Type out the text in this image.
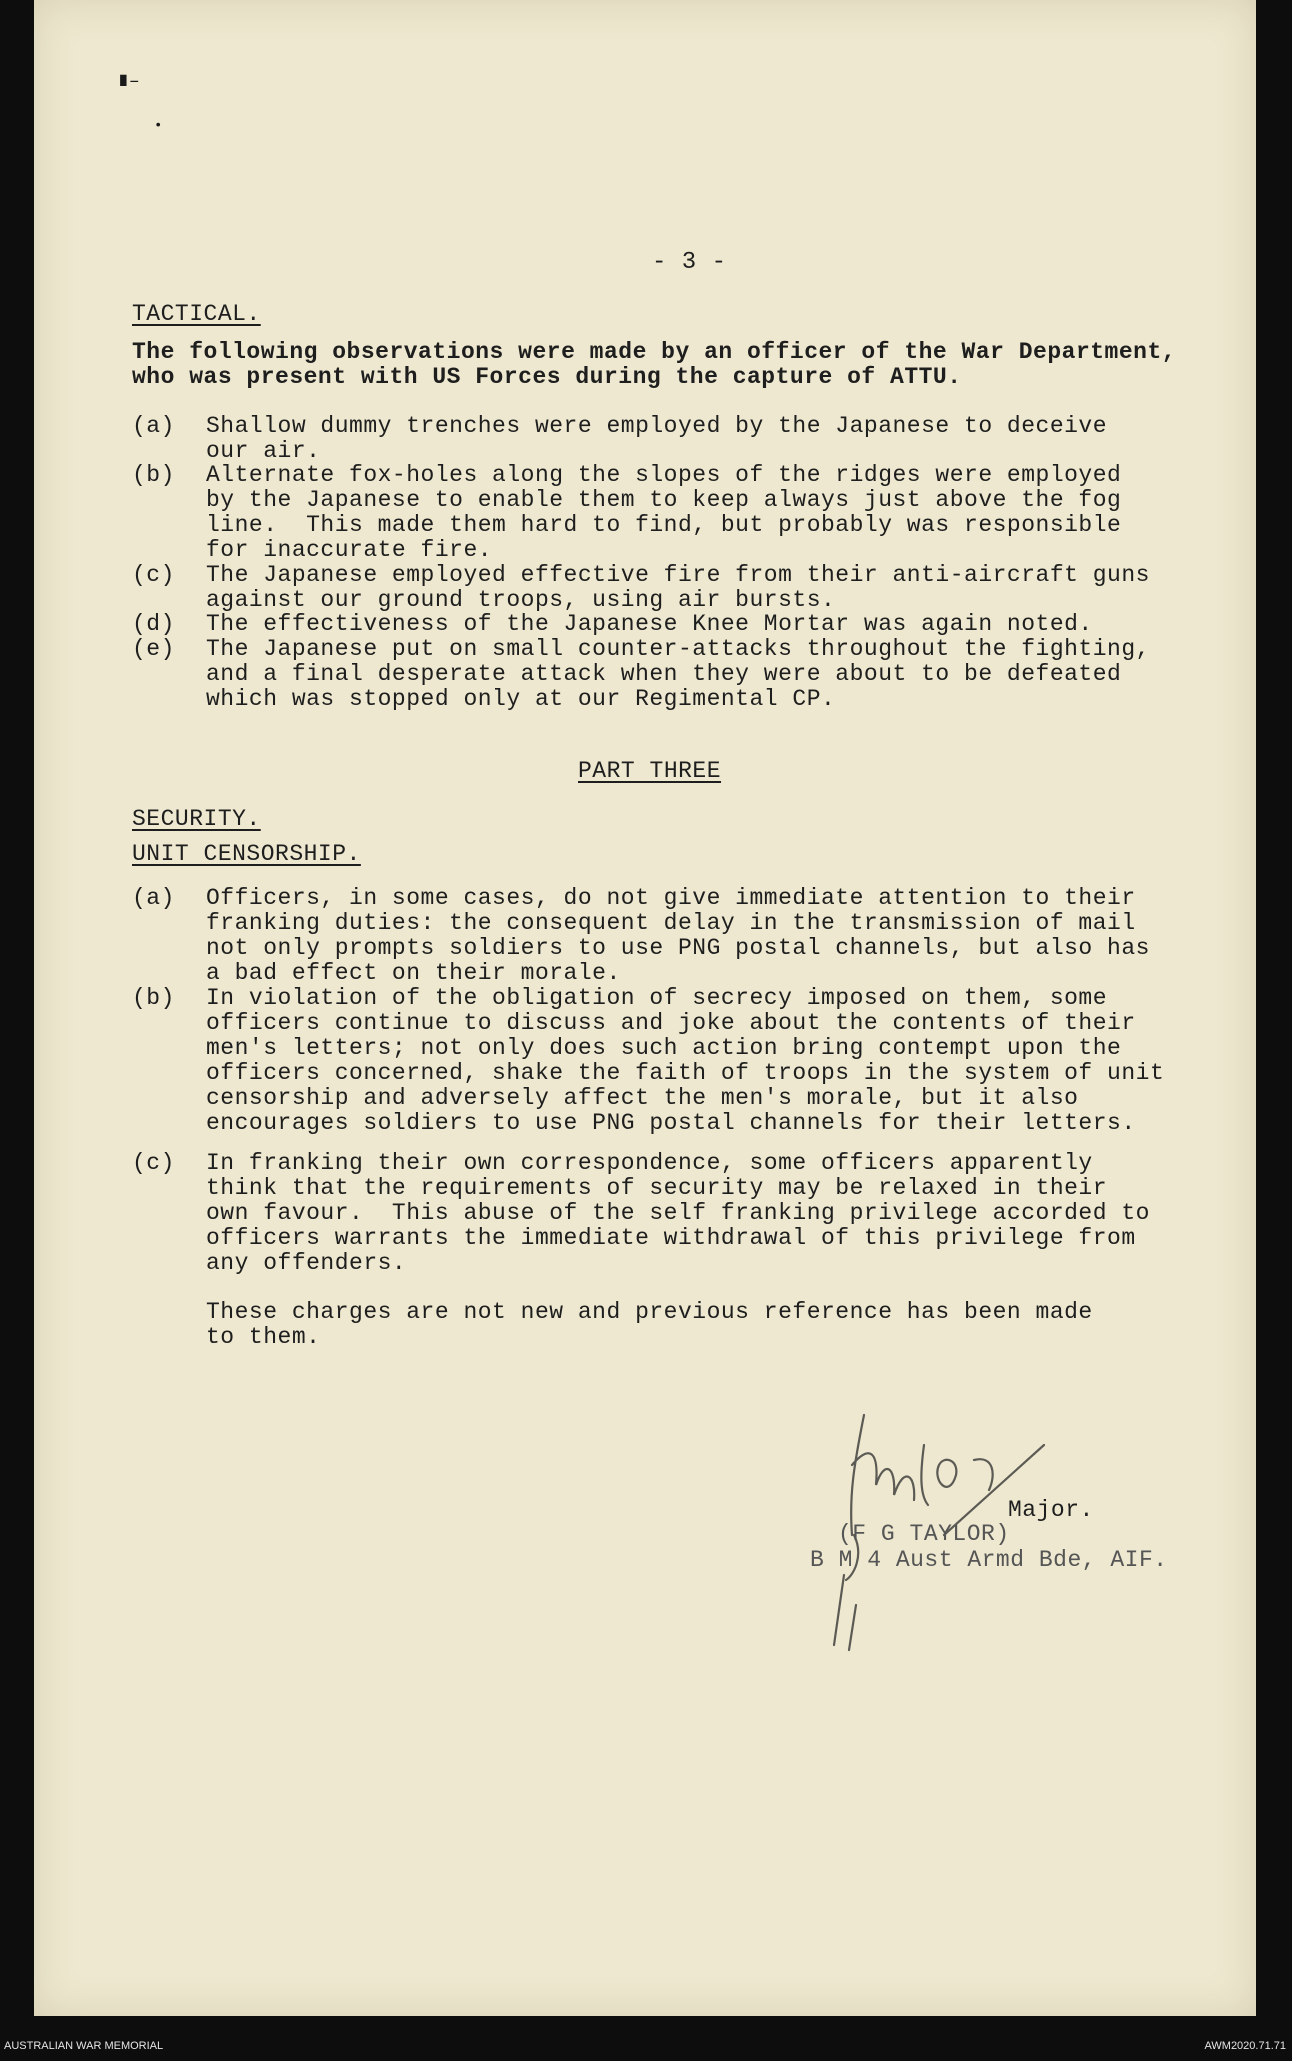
∎–
•
- 3 -
TACTICAL.
The following observations were made by an officer of the War Department,
who was present with US Forces during the capture of ATTU.
(a) Shallow dummy trenches were employed by the Japanese to deceive
our air.
(b) Alternate fox-holes along the slopes of the ridges were employed
by the Japanese to enable them to keep always just above the fog
line.  This made them hard to find, but probably was responsible
for inaccurate fire.
(c) The Japanese employed effective fire from their anti-aircraft guns
against our ground troops, using air bursts.
(d) The effectiveness of the Japanese Knee Mortar was again noted.
(e) The Japanese put on small counter-attacks throughout the fighting,
and a final desperate attack when they were about to be defeated
which was stopped only at our Regimental CP.
PART THREE
SECURITY.
UNIT CENSORSHIP.
(a) Officers, in some cases, do not give immediate attention to their
franking duties: the consequent delay in the transmission of mail
not only prompts soldiers to use PNG postal channels, but also has
a bad effect on their morale.
(b) In violation of the obligation of secrecy imposed on them, some
officers continue to discuss and joke about the contents of their
men's letters; not only does such action bring contempt upon the
officers concerned, shake the faith of troops in the system of unit
censorship and adversely affect the men's morale, but it also
encourages soldiers to use PNG postal channels for their letters.
(c) In franking their own correspondence, some officers apparently
think that the requirements of security may be relaxed in their
own favour.  This abuse of the self franking privilege accorded to
officers warrants the immediate withdrawal of this privilege from
any offenders.
These charges are not new and previous reference has been made
to them.
Major.
(F G TAYLOR)
B M 4 Aust Armd Bde, AIF.
AUSTRALIAN WAR MEMORIAL	AWM2020.71.71
